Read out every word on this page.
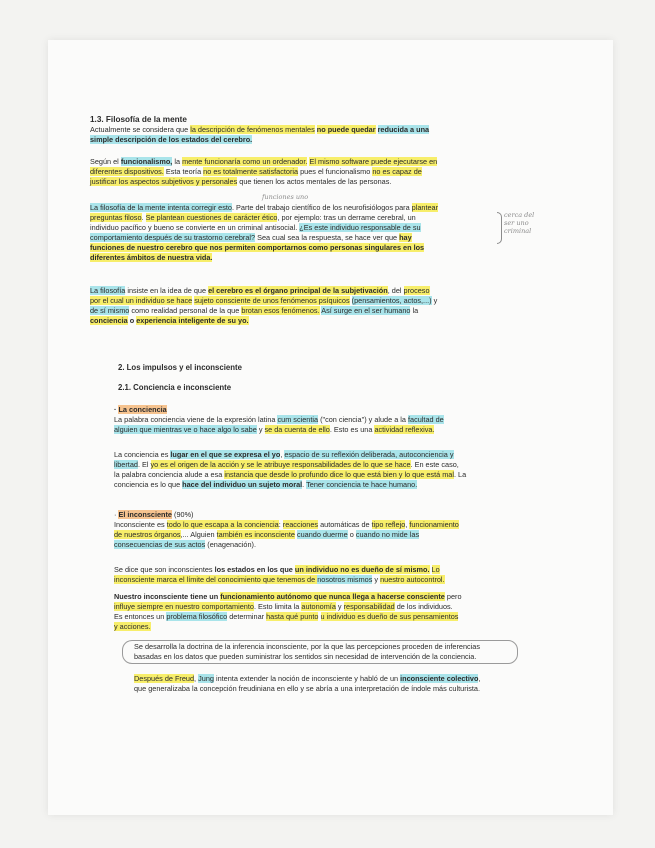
1.3. Filosofía de la mente
Actualmente se considera que la descripción de fenómenos mentales no puede quedar reducida a una
simple descripción de los estados del cerebro.
Según el funcionalismo, la mente funcionaría como un ordenador. El mismo software puede ejecutarse en
diferentes dispositivos. Esta teoría no es totalmente satisfactoria pues el funcionalismo no es capaz de
justificar los aspectos subjetivos y personales que tienen los actos mentales de las personas.
funciones uno
La filosofía de la mente intenta corregir esto. Parte del trabajo científico de los neurofisiólogos para plantear
preguntas filoso. Se plantean cuestiones de carácter ético, por ejemplo: tras un derrame cerebral, un
individuo pacífico y bueno se convierte en un criminal antisocial. ¿Es este individuo responsable de su
comportamiento después de su trastorno cerebral? Sea cual sea la respuesta, se hace ver que hay
funciones de nuestro cerebro que nos permiten comportarnos como personas singulares en los
diferentes ámbitos de nuestra vida.
cerca del
ser uno
criminal
La filosofía insiste en la idea de que el cerebro es el órgano principal de la subjetivación, del proceso
por el cual un individuo se hace sujeto consciente de unos fenómenos psíquicos (pensamientos, actos,...) y
de sí mismo como realidad personal de la que brotan esos fenómenos. Así surge en el ser humano la
conciencia o experiencia inteligente de su yo.
2. Los impulsos y el inconsciente
2.1. Conciencia e inconsciente
· La conciencia
La palabra conciencia viene de la expresión latina cum scientia ("con ciencia") y alude a la facultad de
alguien que mientras ve o hace algo lo sabe y se da cuenta de ello. Esto es una actividad reflexiva.
La conciencia es lugar en el que se expresa el yo, espacio de su reflexión deliberada, autoconciencia y
libertad. El yo es el origen de la acción y se le atribuye responsabilidades de lo que se hace. En este caso,
la palabra conciencia alude a esa instancia que desde lo profundo dice lo que está bien y lo que está mal. La
conciencia es lo que hace del individuo un sujeto moral. Tener conciencia te hace humano.
· El inconsciente (90%)
Inconsciente es todo lo que escapa a la conciencia: reacciones automáticas de tipo reflejo, funcionamiento
de nuestros órganos,... Alguien también es inconsciente cuando duerme o cuando no mide las
consecuencias de sus actos (enagenación).
Se dice que son inconscientes los estados en los que un individuo no es dueño de sí mismo. Lo
inconsciente marca el límite del conocimiento que tenemos de nosotros mismos y nuestro autocontrol.
Nuestro inconsciente tiene un funcionamiento autónomo que nunca llega a hacerse consciente pero
influye siempre en nuestro comportamiento. Esto limita la autonomía y responsabilidad de los individuos.
Es entonces un problema filosófico determinar hasta qué punto u individuo es dueño de sus pensamientos
y acciones.
Se desarrolla la doctrina de la inferencia inconsciente, por la que las percepciones proceden de inferencias
basadas en los datos que pueden suministrar los sentidos sin necesidad de intervención de la conciencia.
Después de Freud, Jung intenta extender la noción de inconsciente y habló de un inconsciente colectivo,
que generalizaba la concepción freudiniana en ello y se abría a una interpretación de índole más culturista.
